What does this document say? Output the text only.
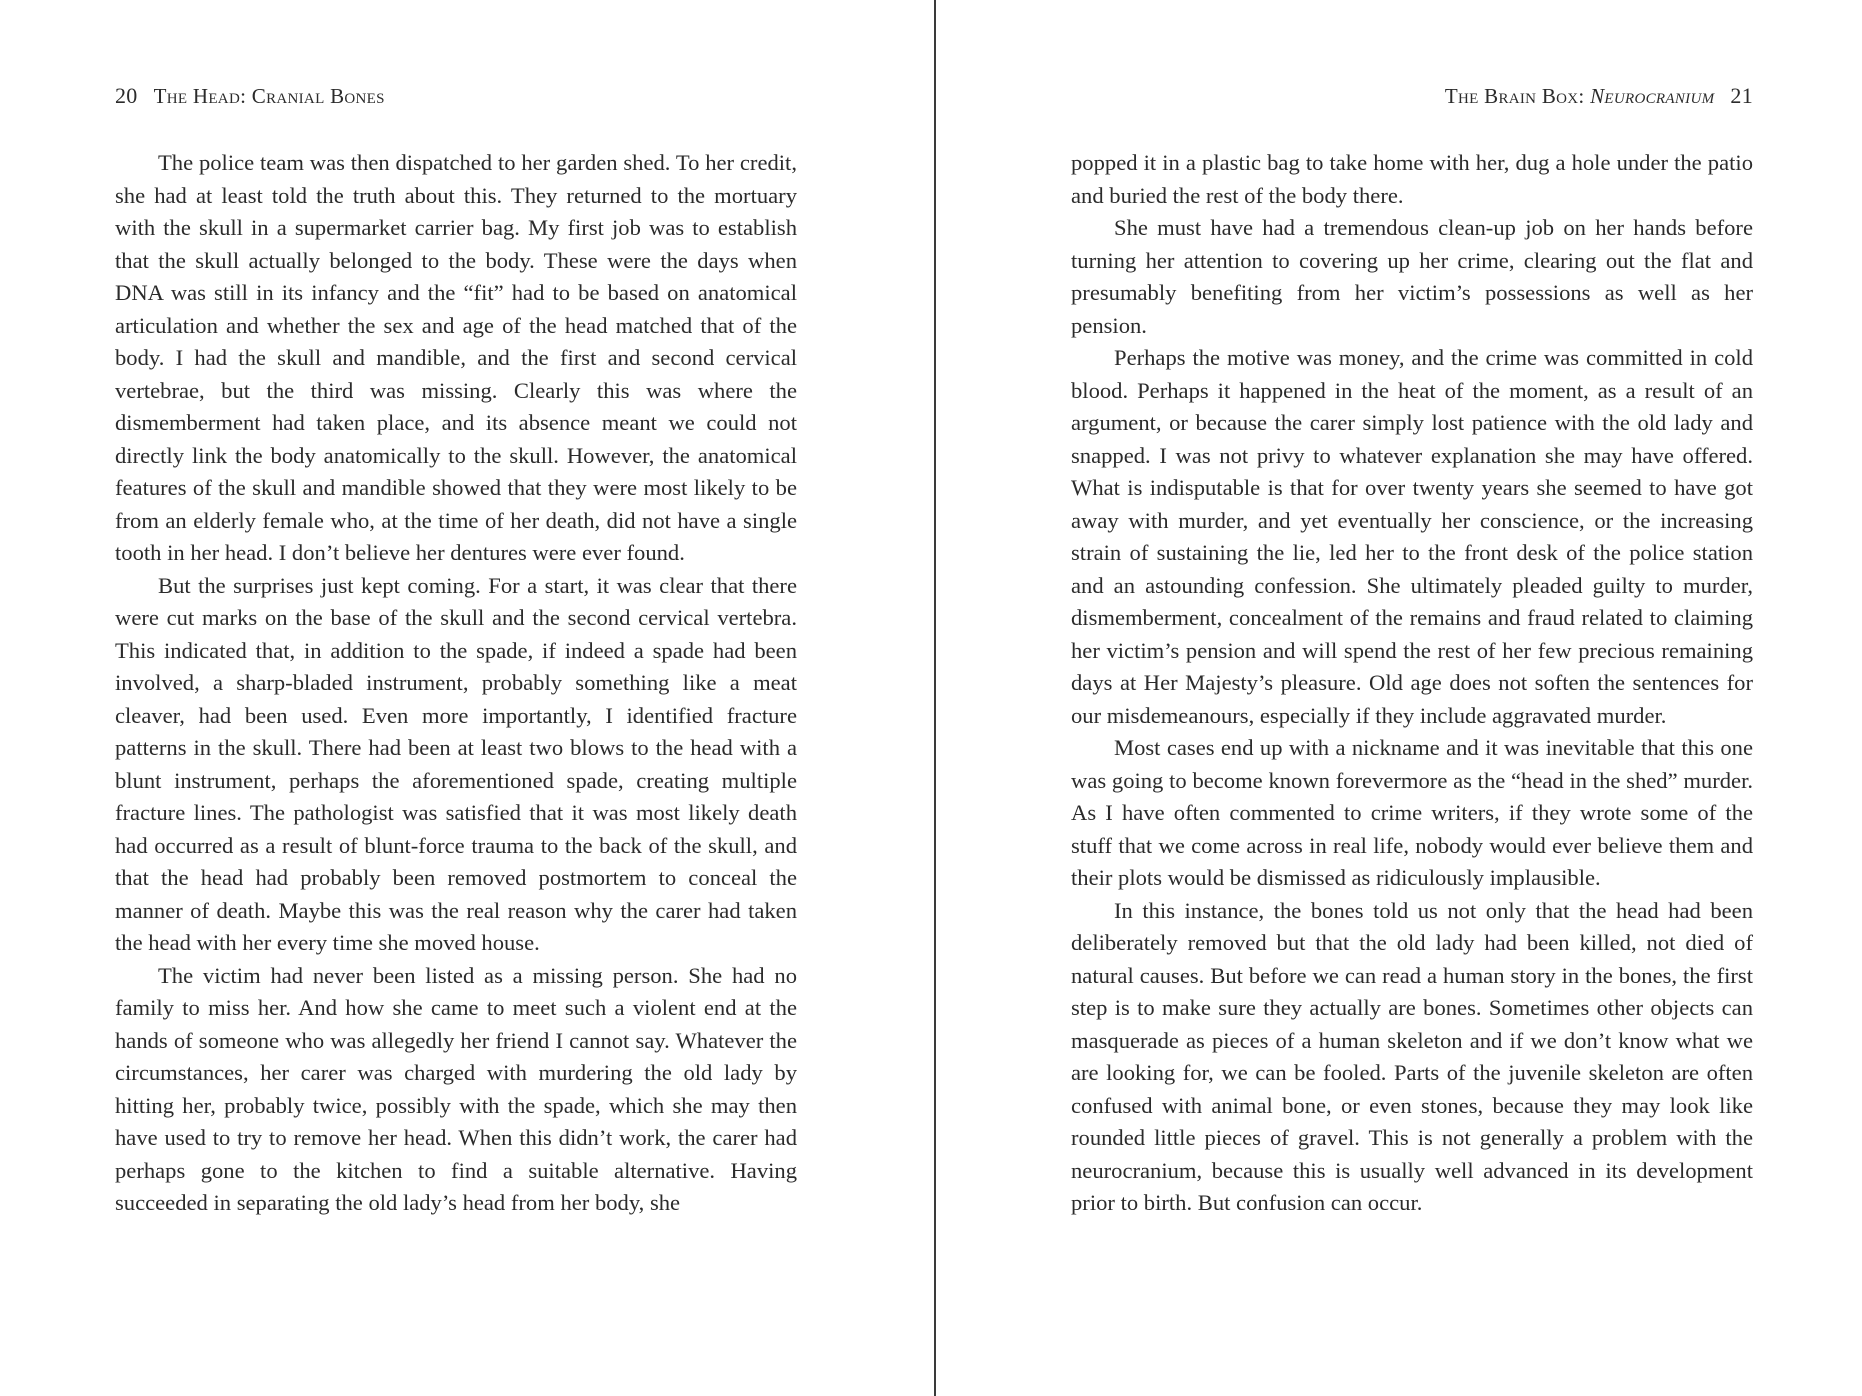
20 The Head: Cranial Bones

The police team was then dispatched to her garden shed. To her credit, she had at least told the truth about this. They returned to the mortuary with the skull in a supermarket carrier bag. My first job was to establish that the skull actually belonged to the body. These were the days when DNA was still in its infancy and the “fit” had to be based on anatomical articulation and whether the sex and age of the head matched that of the body. I had the skull and mandible, and the first and second cervical vertebrae, but the third was missing. Clearly this was where the dismemberment had taken place, and its absence meant we could not directly link the body anatomically to the skull. However, the anatomical features of the skull and mandible showed that they were most likely to be from an elderly female who, at the time of her death, did not have a single tooth in her head. I don’t believe her dentures were ever found.

But the surprises just kept coming. For a start, it was clear that there were cut marks on the base of the skull and the second cervical vertebra. This indicated that, in addition to the spade, if indeed a spade had been involved, a sharp-bladed instrument, probably something like a meat cleaver, had been used. Even more importantly, I identified fracture patterns in the skull. There had been at least two blows to the head with a blunt instrument, perhaps the aforementioned spade, creating multiple fracture lines. The pathologist was satisfied that it was most likely death had occurred as a result of blunt-force trauma to the back of the skull, and that the head had probably been removed postmortem to conceal the manner of death. Maybe this was the real reason why the carer had taken the head with her every time she moved house.

The victim had never been listed as a missing person. She had no family to miss her. And how she came to meet such a violent end at the hands of someone who was allegedly her friend I cannot say. Whatever the circumstances, her carer was charged with murdering the old lady by hitting her, probably twice, possibly with the spade, which she may then have used to try to remove her head. When this didn’t work, the carer had perhaps gone to the kitchen to find a suitable alternative. Having succeeded in separating the old lady’s head from her body, she

The Brain Box: Neurocranium 21

popped it in a plastic bag to take home with her, dug a hole under the patio and buried the rest of the body there.

She must have had a tremendous clean-up job on her hands before turning her attention to covering up her crime, clearing out the flat and presumably benefiting from her victim’s possessions as well as her pension.

Perhaps the motive was money, and the crime was committed in cold blood. Perhaps it happened in the heat of the moment, as a result of an argument, or because the carer simply lost patience with the old lady and snapped. I was not privy to whatever explanation she may have offered. What is indisputable is that for over twenty years she seemed to have got away with murder, and yet eventually her conscience, or the increasing strain of sustaining the lie, led her to the front desk of the police station and an astounding confession. She ultimately pleaded guilty to murder, dismemberment, concealment of the remains and fraud related to claiming her victim’s pension and will spend the rest of her few precious remaining days at Her Majesty’s pleasure. Old age does not soften the sentences for our misdemeanours, especially if they include aggravated murder.

Most cases end up with a nickname and it was inevitable that this one was going to become known forevermore as the “head in the shed” murder. As I have often commented to crime writers, if they wrote some of the stuff that we come across in real life, nobody would ever believe them and their plots would be dismissed as ridiculously implausible.

In this instance, the bones told us not only that the head had been deliberately removed but that the old lady had been killed, not died of natural causes. But before we can read a human story in the bones, the first step is to make sure they actually are bones. Sometimes other objects can masquerade as pieces of a human skeleton and if we don’t know what we are looking for, we can be fooled. Parts of the juvenile skeleton are often confused with animal bone, or even stones, because they may look like rounded little pieces of gravel. This is not generally a problem with the neurocranium, because this is usually well advanced in its development prior to birth. But confusion can occur.
